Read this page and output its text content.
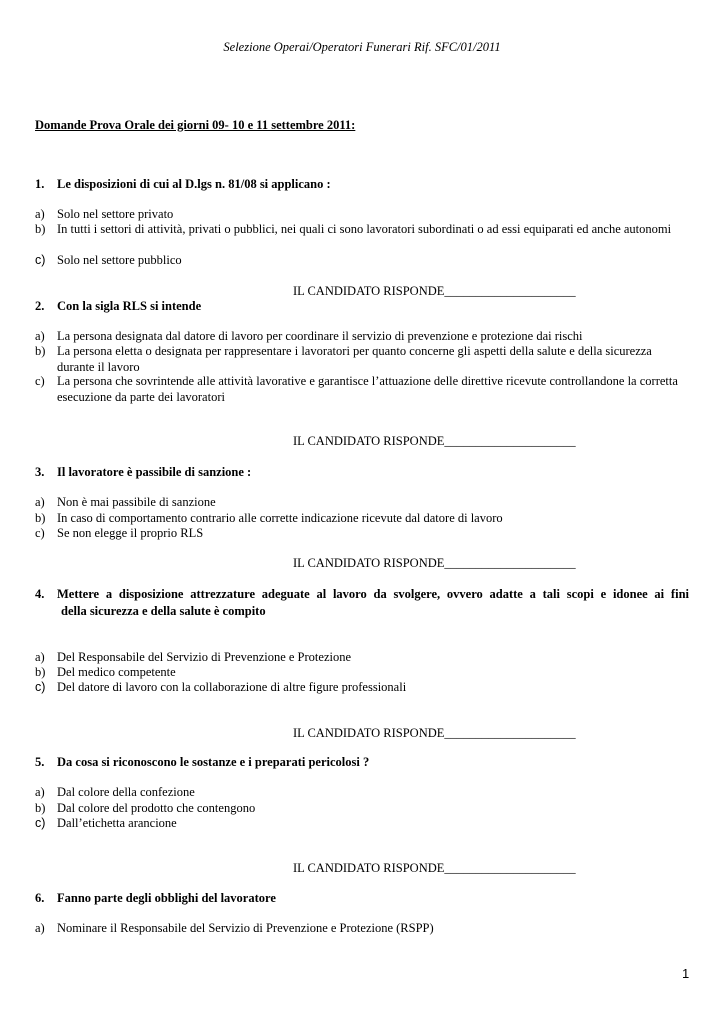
Selezione Operai/Operatori Funerari Rif. SFC/01/2011
Domande Prova Orale dei giorni 09- 10 e 11 settembre 2011:
1.	Le disposizioni di cui al D.lgs n. 81/08 si applicano :
a) Solo nel settore privato
b) In tutti i settori di attività, privati o pubblici, nei quali ci sono lavoratori subordinati o ad essi equiparati ed anche autonomi
c) Solo nel settore pubblico
IL CANDIDATO RISPONDE_____________________
2.	Con la sigla RLS si intende
a) La persona designata dal datore di lavoro per coordinare il servizio di prevenzione e protezione dai rischi
b) La persona eletta o designata per rappresentare i lavoratori per quanto concerne gli aspetti della salute e della sicurezza durante il lavoro
c) La persona che sovrintende alle attività lavorative e garantisce l’attuazione delle direttive ricevute controllandone la corretta esecuzione da parte dei lavoratori
IL CANDIDATO RISPONDE_____________________
3.	Il lavoratore è passibile di sanzione :
a) Non è mai passibile di sanzione
b) In caso di comportamento contrario alle corrette indicazione ricevute dal datore di lavoro
c) Se non elegge il proprio RLS
IL CANDIDATO RISPONDE_____________________
4.	Mettere a disposizione attrezzature adeguate al lavoro da svolgere, ovvero adatte a tali scopi e idonee ai fini
della sicurezza e della salute è compito
a) Del Responsabile del Servizio di Prevenzione e Protezione
b) Del medico competente
c) Del datore di lavoro con la collaborazione di altre figure professionali
IL CANDIDATO RISPONDE_____________________
5.	Da cosa si riconoscono le sostanze e i preparati pericolosi ?
a) Dal colore della confezione
b) Dal colore del prodotto che contengono
c) Dall’etichetta arancione
IL CANDIDATO RISPONDE_____________________
6.	Fanno parte degli obblighi del lavoratore
a) Nominare il Responsabile del Servizio di Prevenzione e Protezione (RSPP)
1
